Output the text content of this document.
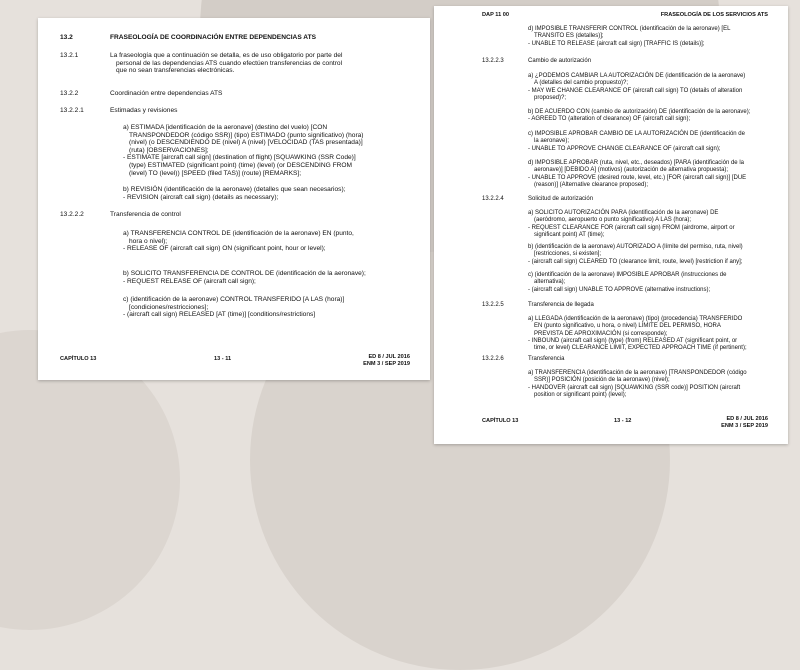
13.2	FRASEOLOGÍA DE COORDINACIÓN ENTRE DEPENDENCIAS ATS
13.2.1	La fraseología que a continuación se detalla, es de uso obligatorio por parte del
personal de las dependencias ATS cuando efectúen transferencias de control
que no sean transferencias electrónicas.
13.2.2	Coordinación entre dependencias ATS
13.2.2.1	Estimadas y revisiones
a) ESTIMADA [identificación de la aeronave] (destino del vuelo) [CON
TRANSPONDEDOR (código SSR)] (tipo) ESTIMADO (punto significativo) (hora)
(nivel) (o DESCENDIENDO DE (nivel) A (nivel) [VELOCIDAD (TAS presentada)]
(ruta) [OBSERVACIONES];
- ESTIMATE [aircraft call sign] (destination of flight) [SQUAWKING (SSR Code)]
(type) ESTIMATED (significant point) (time) (level) (or DESCENDING FROM
(level) TO (level)) [SPEED (filed TAS)] (route) [REMARKS];
b) REVISIÓN (identificación de la aeronave) (detalles que sean necesarios);
- REVISION (aircraft call sign) (details as necessary);
13.2.2.2	Transferencia de control
a) TRANSFERENCIA CONTROL DE (identificación de la aeronave) EN (punto,
hora o nivel);
- RELEASE OF (aircraft call sign) ON (significant point, hour or level);
b) SOLICITO TRANSFERENCIA DE CONTROL DE (identificación de la aeronave);
- REQUEST RELEASE OF (aircraft call sign);
c) (identificación de la aeronave) CONTROL TRANSFERIDO [A LAS (hora)]
[condiciones/restricciones];
- (aircraft call sign) RELEASED [AT (time)] [conditions/restrictions]
CAPÍTULO 13	13 - 11	ED 8 / JUL 2016
ENM 3 / SEP 2019
DAP 11 00	FRASEOLOGÍA DE LOS SERVICIOS ATS
d) IMPOSIBLE TRANSFERIR CONTROL (identificación de la aeronave) [EL
TRANSITO ES (detalles)];
- UNABLE TO RELEASE (aircraft call sign) [TRAFFIC IS (details)];
13.2.2.3	Cambio de autorización
a) ¿PODEMOS CAMBIAR LA AUTORIZACIÓN DE (identificación de la aeronave)
A (detalles del cambio propuesto)?;
- MAY WE CHANGE CLEARANCE OF (aircraft call sign) TO (details of alteration
proposed)?;
b) DE ACUERDO CON (cambio de autorización) DE (identificación de la aeronave);
- AGREED TO (alteration of clearance) OF (aircraft call sign);
c) IMPOSIBLE APROBAR CAMBIO DE LA AUTORIZACIÓN DE (identificación de
la aeronave);
- UNABLE TO APPROVE CHANGE CLEARANCE OF (aircraft call sign);
d) IMPOSIBLE APROBAR (ruta, nivel, etc., deseados) [PARA (identificación de la
aeronave)] [DEBIDO A] (motivos) (autorización de alternativa propuesta);
- UNABLE TO APPROVE (desired route, level, etc.) [FOR (aircraft call sign)] [DUE
(reason)] (Alternative clearance proposed);
13.2.2.4	Solicitud de autorización
a) SOLICITO AUTORIZACIÓN PARA (identificación de la aeronave) DE
(aeródromo, aeropuerto o punto significativo) A LAS (hora);
- REQUEST CLEARANCE FOR (aircraft call sign) FROM (airdrome, airport or
significant point) AT (time);
b) (identificación de la aeronave) AUTORIZADO A (límite del permiso, ruta, nivel)
[restricciones, si existen];
- (aircraft call sign) CLEARED TO (clearance limit, route, level) [restriction if any];
c) (identificación de la aeronave) IMPOSIBLE APROBAR (instrucciones de
alternativa);
- (aircraft call sign) UNABLE TO APPROVE (alternative instructions);
13.2.2.5	Transferencia de llegada
a) LLEGADA (identificación de la aeronave) (tipo) (procedencia) TRANSFERIDO
EN (punto significativo, u hora, o nivel) LÍMITE DEL PERMISO, HORA
PREVISTA DE APROXIMACIÓN (si corresponde);
- INBOUND (aircraft call sign) (type) (from) RELEASED AT (significant point, or
time, or level) CLEARANCE LIMIT, EXPECTED APPROACH TIME (if pertinent);
13.2.2.6	Transferencia
a) TRANSFERENCIA (identificación de la aeronave) [TRANSPONDEDOR (código
SSR)] POSICIÓN (posición de la aeronave) (nivel);
- HANDOVER (aircraft call sign) [SQUAWKING (SSR code)] POSITION (aircraft
position or significant point) (level);
CAPÍTULO 13	13 - 12	ED 8 / JUL 2016
ENM 3 / SEP 2019
